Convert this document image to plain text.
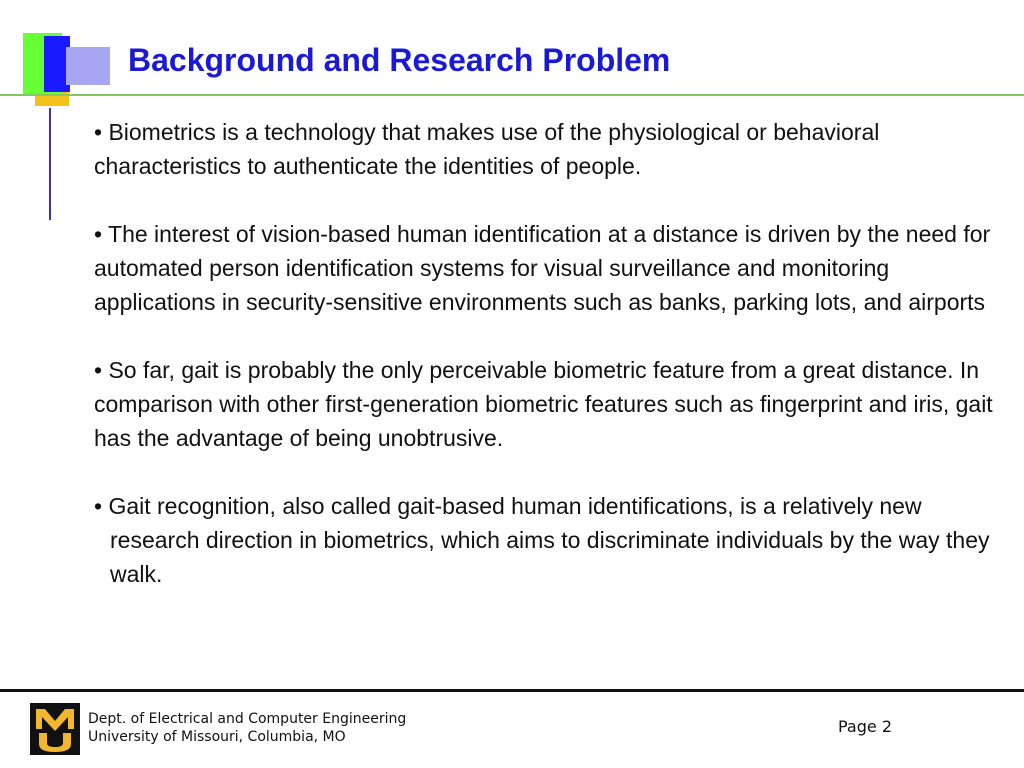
Background and Research Problem

• Biometrics is a technology that makes use of the physiological or behavioral characteristics to authenticate the identities of people.

• The interest of vision-based human identification at a distance is driven by the need for automated person identification systems for visual surveillance and monitoring applications in security-sensitive environments such as banks, parking lots, and airports

• So far, gait is probably the only perceivable biometric feature from a great distance. In comparison with other first-generation biometric features such as fingerprint and iris, gait has the advantage of being unobtrusive.

• Gait recognition, also called gait-based human identifications, is a relatively new research direction in biometrics, which aims to discriminate individuals by the way they walk.

Dept. of Electrical and Computer Engineering
University of Missouri, Columbia, MO
Page 2
